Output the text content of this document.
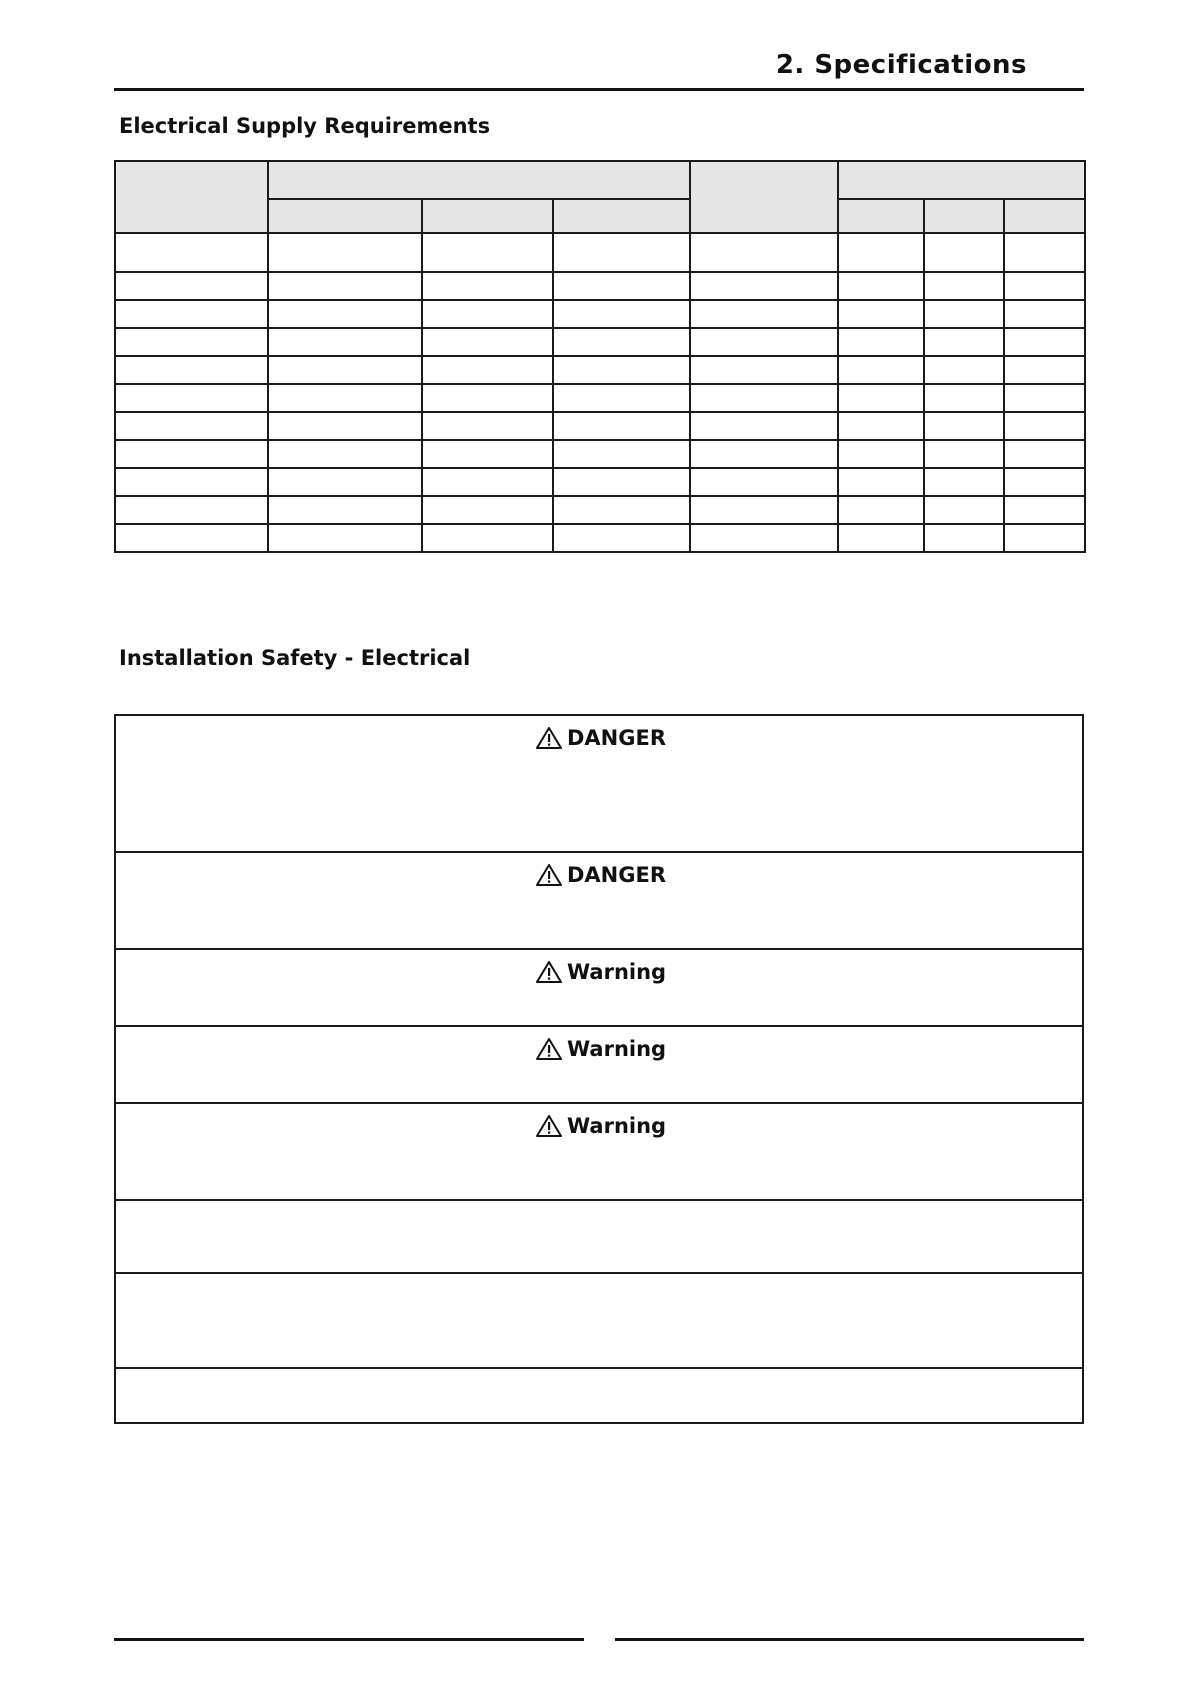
2. Specifications
Electrical Supply Requirements

Installation Safety - Electrical
DANGER
DANGER
Warning
Warning
Warning
